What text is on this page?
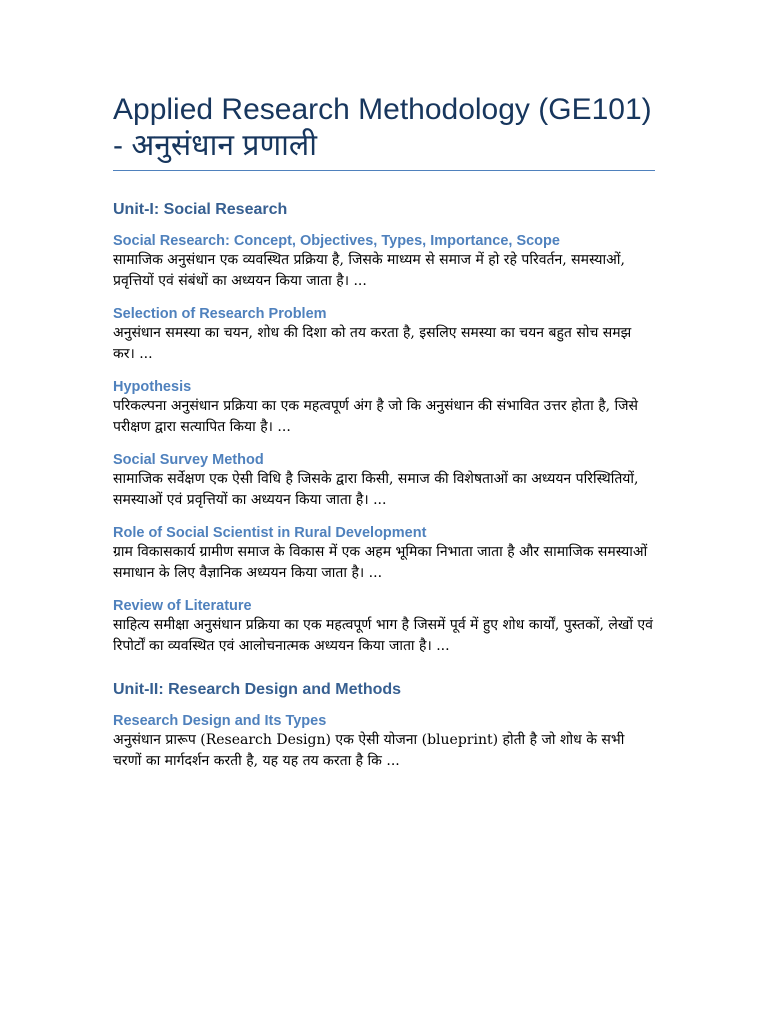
Applied Research Methodology (GE101) - अनुसंधान प्रणाली
Unit-I: Social Research
Social Research: Concept, Objectives, Types, Importance, Scope

सामाजिक अनुसंधान एक व्यवस्थित प्रक्रिया है, जिसके माध्यम से समाज में हो रहे परिवर्तन, समस्याओं, प्रवृत्तियों एवं संबंधों का अध्ययन किया जाता है। ...

Selection of Research Problem

अनुसंधान समस्या का चयन, शोध की दिशा को तय करता है, इसलिए समस्या का चयन बहुत सोच समझ कर। ...

Hypothesis

परिकल्पना अनुसंधान प्रक्रिया का एक महत्वपूर्ण अंग है जो कि अनुसंधान की संभावित उत्तर होता है, जिसे परीक्षण द्वारा सत्यापित किया है। ...

Social Survey Method

सामाजिक सर्वेक्षण एक ऐसी विधि है जिसके द्वारा किसी, समाज की विशेषताओं का अध्ययन परिस्थितियों, समस्याओं एवं प्रवृत्तियों का अध्ययन किया जाता है। ...

Role of Social Scientist in Rural Development

ग्राम विकासकार्य ग्रामीण समाज के विकास में एक अहम भूमिका निभाता जाता है और सामाजिक समस्याओं समाधान के लिए वैज्ञानिक अध्ययन किया जाता है। ...

Review of Literature

साहित्य समीक्षा अनुसंधान प्रक्रिया का एक महत्वपूर्ण भाग है जिसमें पूर्व में हुए शोध कार्यों, पुस्तकों, लेखों एवं रिपोर्टों का व्यवस्थित एवं आलोचनात्मक अध्ययन किया जाता है। ...

Unit-II: Research Design and Methods
Research Design and Its Types

अनुसंधान प्रारूप (Research Design) एक ऐसी योजना (blueprint) होती है जो शोध के सभी चरणों का मार्गदर्शन करती है, यह यह तय करता है कि ...
